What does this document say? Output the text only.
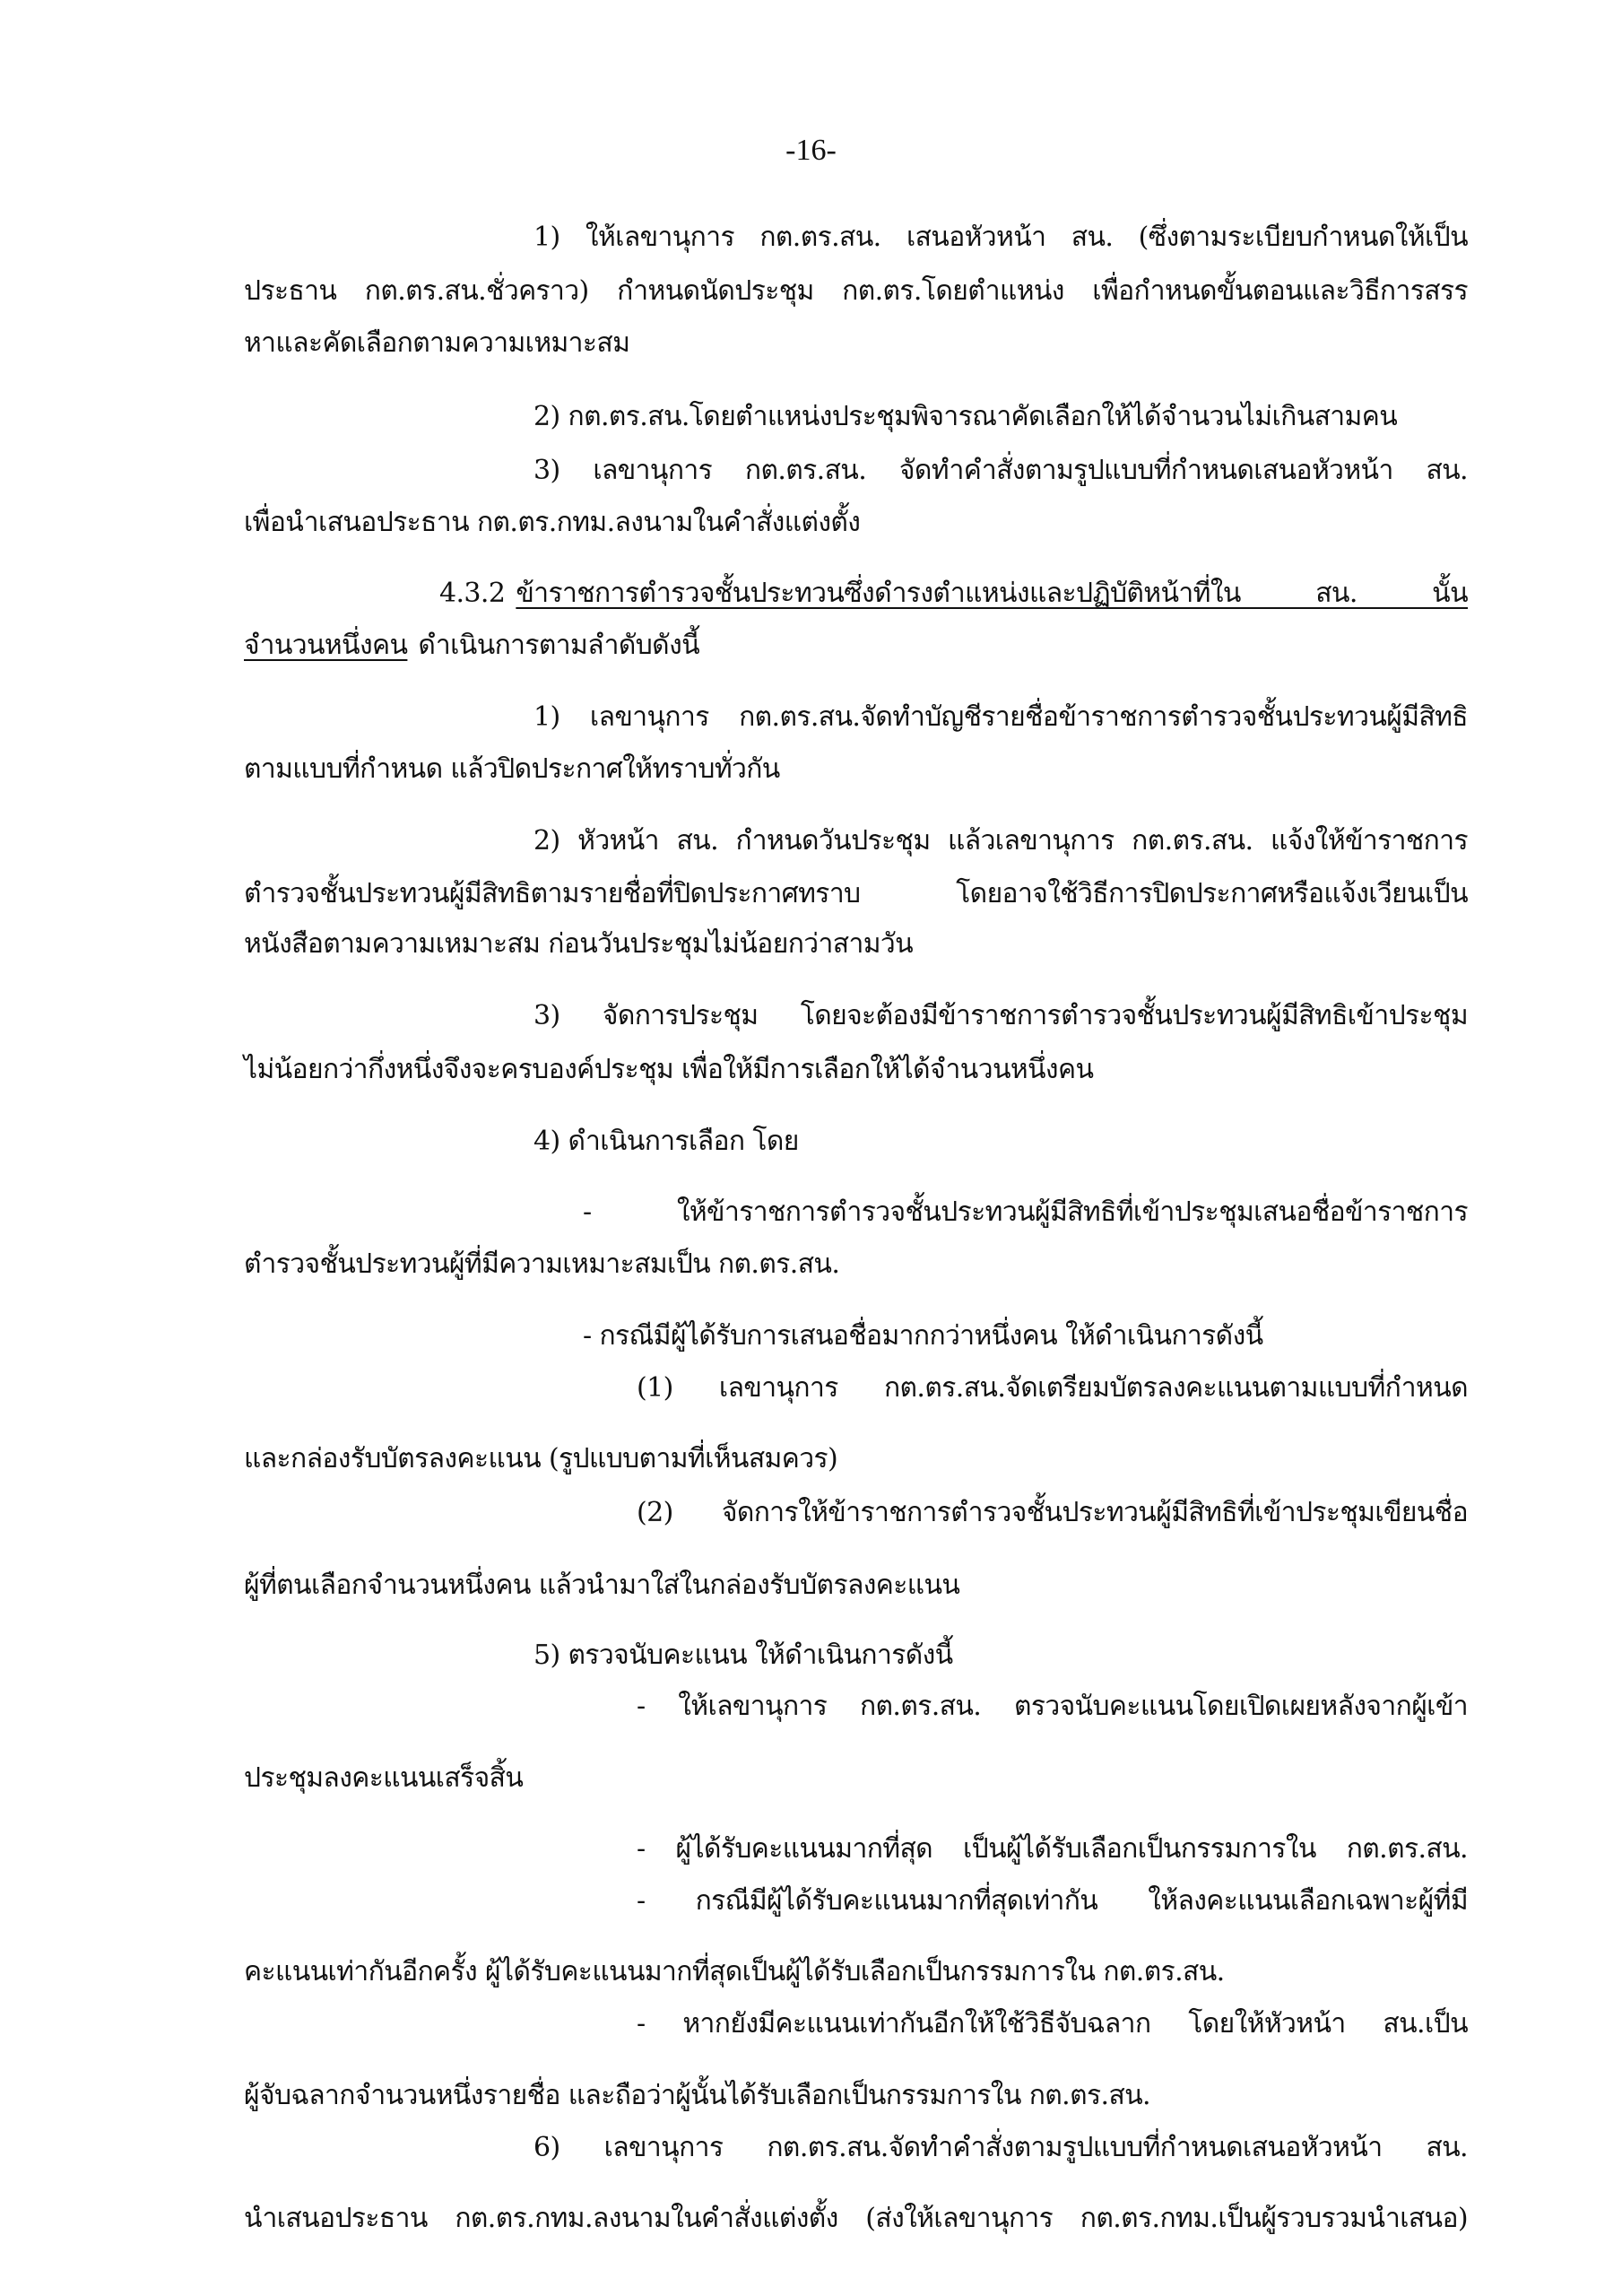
-16-
1) ให้เลขานุการ กต.ตร.สน. เสนอหัวหน้า สน. (ซึ่งตามระเบียบกำหนดให้เป็น
ประธาน กต.ตร.สน.ชั่วคราว) กำหนดนัดประชุม กต.ตร.โดยตำแหน่ง เพื่อกำหนดขั้นตอนและวิธีการสรร
หาและคัดเลือกตามความเหมาะสม
2) กต.ตร.สน.โดยตำแหน่งประชุมพิจารณาคัดเลือกให้ได้จำนวนไม่เกินสามคน
3) เลขานุการ กต.ตร.สน. จัดทำคำสั่งตามรูปแบบที่กำหนดเสนอหัวหน้า สน.
เพื่อนำเสนอประธาน กต.ตร.กทม.ลงนามในคำสั่งแต่งตั้ง
4.3.2 ข้าราชการตำรวจชั้นประทวนซึ่งดำรงตำแหน่งและปฏิบัติหน้าที่ใน สน. นั้น
จำนวนหนึ่งคน ดำเนินการตามลำดับดังนี้
1) เลขานุการ กต.ตร.สน.จัดทำบัญชีรายชื่อข้าราชการตำรวจชั้นประทวนผู้มีสิทธิ
ตามแบบที่กำหนด แล้วปิดประกาศให้ทราบทั่วกัน
2) หัวหน้า สน. กำหนดวันประชุม แล้วเลขานุการ กต.ตร.สน. แจ้งให้ข้าราชการ
ตำรวจชั้นประทวนผู้มีสิทธิตามรายชื่อที่ปิดประกาศทราบ โดยอาจใช้วิธีการปิดประกาศหรือแจ้งเวียนเป็น
หนังสือตามความเหมาะสม ก่อนวันประชุมไม่น้อยกว่าสามวัน
3) จัดการประชุม โดยจะต้องมีข้าราชการตำรวจชั้นประทวนผู้มีสิทธิเข้าประชุม
ไม่น้อยกว่ากึ่งหนึ่งจึงจะครบองค์ประชุม เพื่อให้มีการเลือกให้ได้จำนวนหนึ่งคน
4) ดำเนินการเลือก โดย
- ให้ข้าราชการตำรวจชั้นประทวนผู้มีสิทธิที่เข้าประชุมเสนอชื่อข้าราชการ
ตำรวจชั้นประทวนผู้ที่มีความเหมาะสมเป็น กต.ตร.สน.
- กรณีมีผู้ได้รับการเสนอชื่อมากกว่าหนึ่งคน ให้ดำเนินการดังนี้
(1) เลขานุการ กต.ตร.สน.จัดเตรียมบัตรลงคะแนนตามแบบที่กำหนด
และกล่องรับบัตรลงคะแนน (รูปแบบตามที่เห็นสมควร)
(2) จัดการให้ข้าราชการตำรวจชั้นประทวนผู้มีสิทธิที่เข้าประชุมเขียนชื่อ
ผู้ที่ตนเลือกจำนวนหนึ่งคน แล้วนำมาใส่ในกล่องรับบัตรลงคะแนน
5) ตรวจนับคะแนน ให้ดำเนินการดังนี้
- ให้เลขานุการ กต.ตร.สน. ตรวจนับคะแนนโดยเปิดเผยหลังจากผู้เข้า
ประชุมลงคะแนนเสร็จสิ้น
- ผู้ได้รับคะแนนมากที่สุด เป็นผู้ได้รับเลือกเป็นกรรมการใน กต.ตร.สน.
- กรณีมีผู้ได้รับคะแนนมากที่สุดเท่ากัน ให้ลงคะแนนเลือกเฉพาะผู้ที่มี
คะแนนเท่ากันอีกครั้ง ผู้ได้รับคะแนนมากที่สุดเป็นผู้ได้รับเลือกเป็นกรรมการใน กต.ตร.สน.
- หากยังมีคะแนนเท่ากันอีกให้ใช้วิธีจับฉลาก โดยให้หัวหน้า สน.เป็น
ผู้จับฉลากจำนวนหนึ่งรายชื่อ และถือว่าผู้นั้นได้รับเลือกเป็นกรรมการใน กต.ตร.สน.
6) เลขานุการ กต.ตร.สน.จัดทำคำสั่งตามรูปแบบที่กำหนดเสนอหัวหน้า สน.
นำเสนอประธาน กต.ตร.กทม.ลงนามในคำสั่งแต่งตั้ง (ส่งให้เลขานุการ กต.ตร.กทม.เป็นผู้รวบรวมนำเสนอ)
